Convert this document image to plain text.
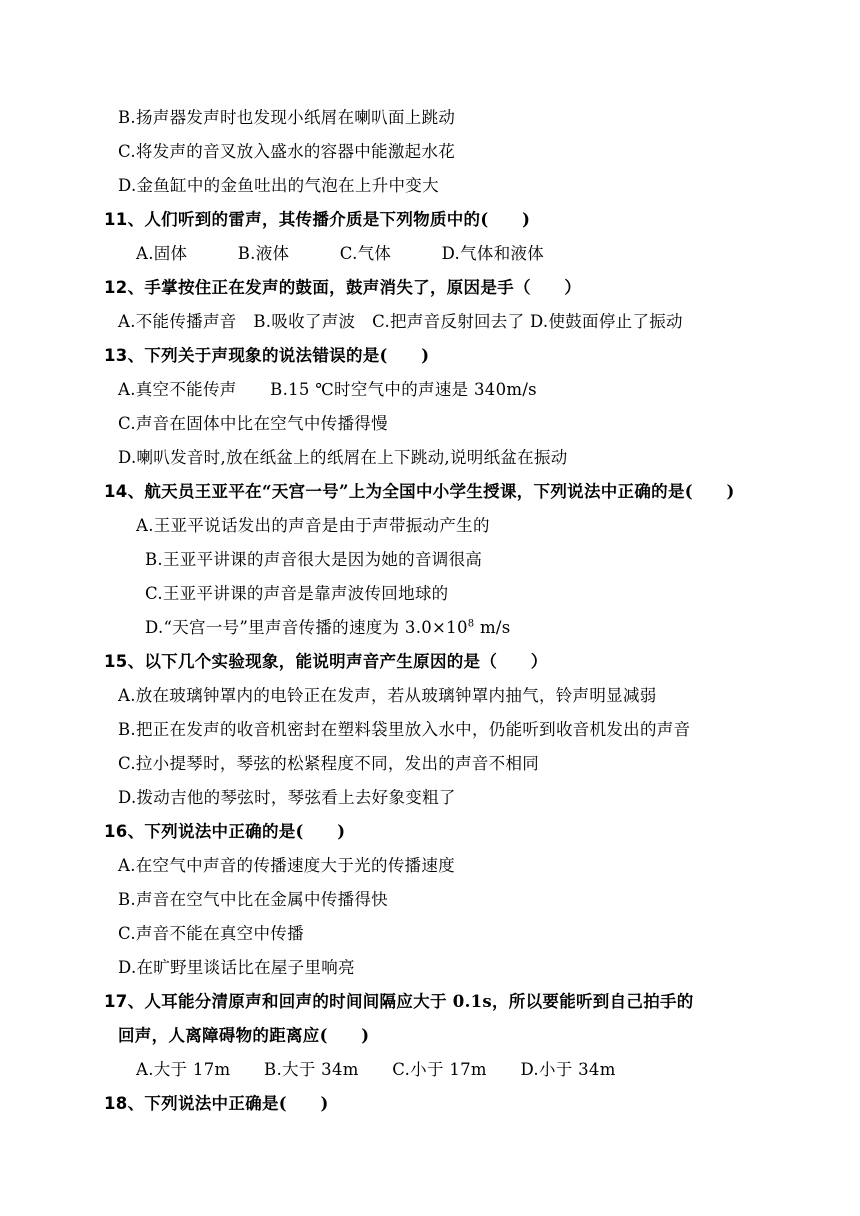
B.扬声器发声时也发现小纸屑在喇叭面上跳动
C.将发声的音叉放入盛水的容器中能激起水花
D.金鱼缸中的金鱼吐出的气泡在上升中变大
11、人们听到的雷声，其传播介质是下列物质中的(　　)
A.固体　　　B.液体　　　C.气体　　　D.气体和液体
12、手掌按住正在发声的鼓面，鼓声消失了，原因是手（　　）
A.不能传播声音　B.吸收了声波　C.把声音反射回去了 D.使鼓面停止了振动
13、下列关于声现象的说法错误的是(　　)
A.真空不能传声　　B.15 ℃时空气中的声速是 340m/s
C.声音在固体中比在空气中传播得慢
D.喇叭发音时,放在纸盆上的纸屑在上下跳动,说明纸盆在振动
14、航天员王亚平在“天宫一号”上为全国中小学生授课，下列说法中正确的是(　　)
A.王亚平说话发出的声音是由于声带振动产生的
B.王亚平讲课的声音很大是因为她的音调很高
C.王亚平讲课的声音是靠声波传回地球的
D.“天宫一号”里声音传播的速度为 $3.0\times 10^8$ m/s
15、以下几个实验现象，能说明声音产生原因的是（　　）
A.放在玻璃钟罩内的电铃正在发声，若从玻璃钟罩内抽气，铃声明显减弱
B.把正在发声的收音机密封在塑料袋里放入水中，仍能听到收音机发出的声音
C.拉小提琴时，琴弦的松紧程度不同，发出的声音不相同
D.拨动吉他的琴弦时，琴弦看上去好象变粗了
16、下列说法中正确的是(　　)
A.在空气中声音的传播速度大于光的传播速度
B.声音在空气中比在金属中传播得快
C.声音不能在真空中传播
D.在旷野里谈话比在屋子里响亮
17、人耳能分清原声和回声的时间间隔应大于 0.1s，所以要能听到自己拍手的
回声，人离障碍物的距离应(　　)
A.大于 17m　　B.大于 34m　　C.小于 17m　　D.小于 34m
18、下列说法中正确是(　　)
